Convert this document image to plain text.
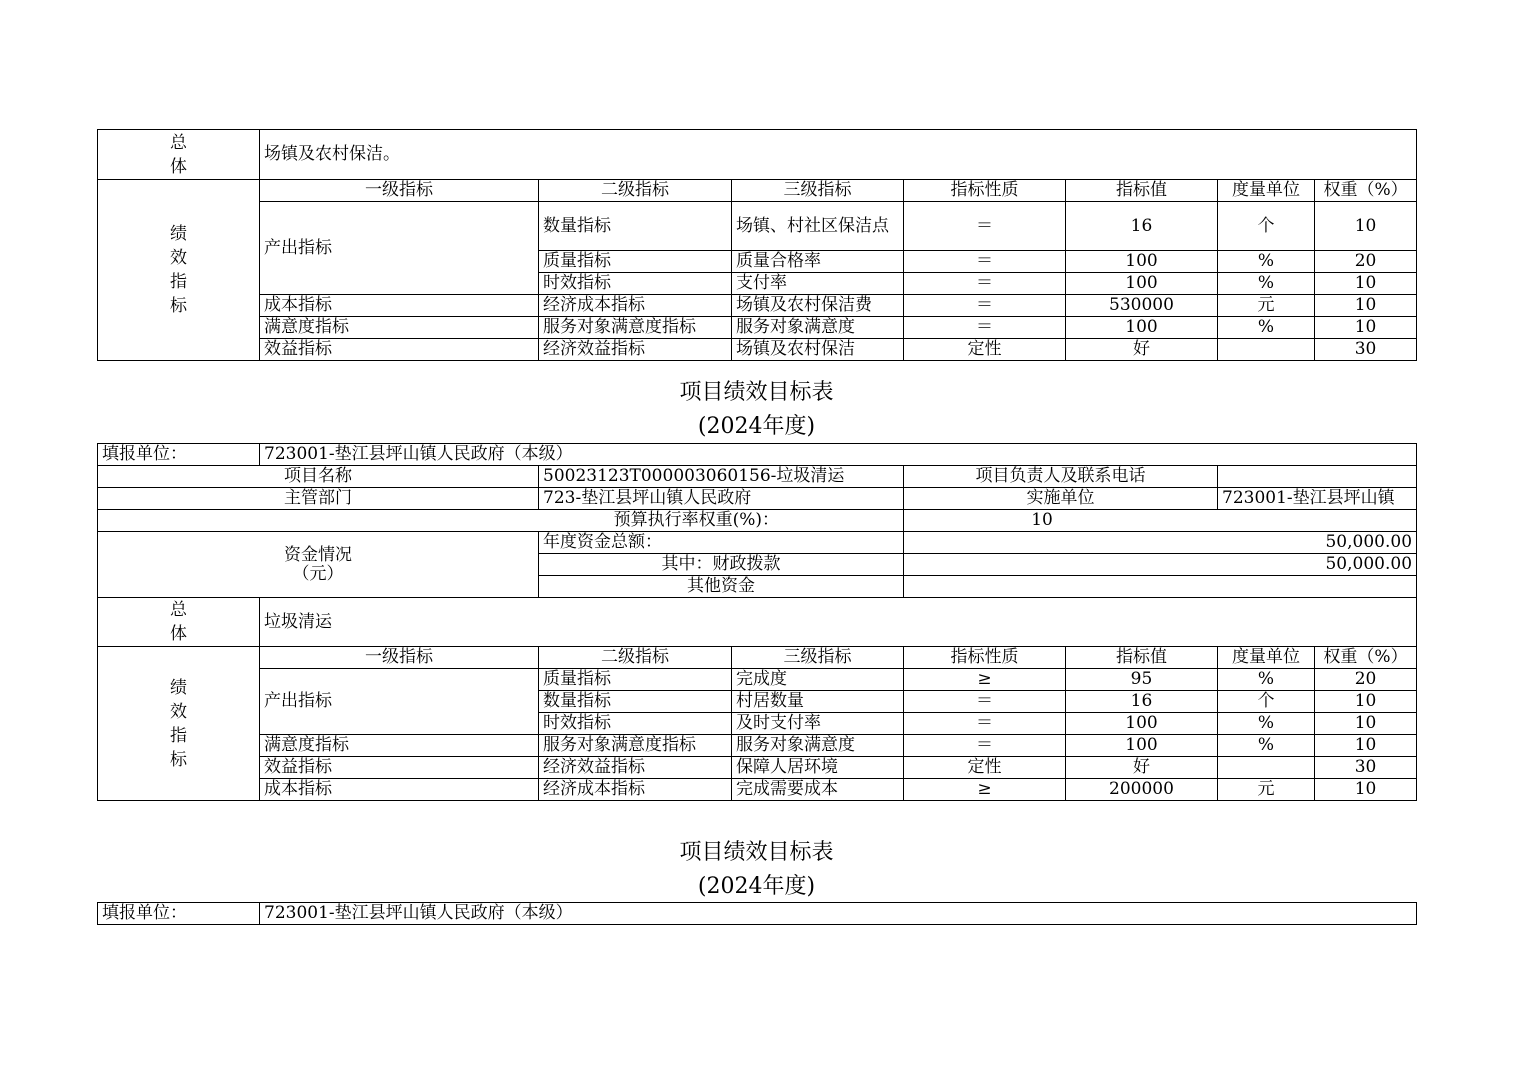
总
体	场镇及农村保洁。						
绩
效
指
标	一级指标	二级指标	三级指标	指标性质	指标值	度量单位	权重（%）
	产出指标	数量指标	场镇、村社区保洁点	＝	16	个	10
		质量指标	质量合格率	＝	100	%	20
		时效指标	支付率	＝	100	%	10
	成本指标	经济成本指标	场镇及农村保洁费	＝	530000	元	10
	满意度指标	服务对象满意度指标	服务对象满意度	＝	100	%	10
	效益指标	经济效益指标	场镇及农村保洁	定性	好		30
项目绩效目标表
(2024年度)
填报单位：	723001-垫江县坪山镇人民政府（本级）						
项目名称		50023123T000003060156-垃圾清运		项目负责人及联系电话			
主管部门		723-垫江县坪山镇人民政府		实施单位		723001-垫江县坪山镇	
预算执行率权重(%)：				10			
资金情况
（元）		年度资金总额：		50,000.00			
		其中：财政拨款		50,000.00			
		其他资金					
总
体	垃圾清运						
绩
效
指
标	一级指标	二级指标	三级指标	指标性质	指标值	度量单位	权重（%）
	产出指标	质量指标	完成度	≥	95	%	20
		数量指标	村居数量	＝	16	个	10
		时效指标	及时支付率	＝	100	%	10
	满意度指标	服务对象满意度指标	服务对象满意度	＝	100	%	10
	效益指标	经济效益指标	保障人居环境	定性	好		30
	成本指标	经济成本指标	完成需要成本	≥	200000	元	10
项目绩效目标表
(2024年度)
填报单位：	723001-垫江县坪山镇人民政府（本级）
